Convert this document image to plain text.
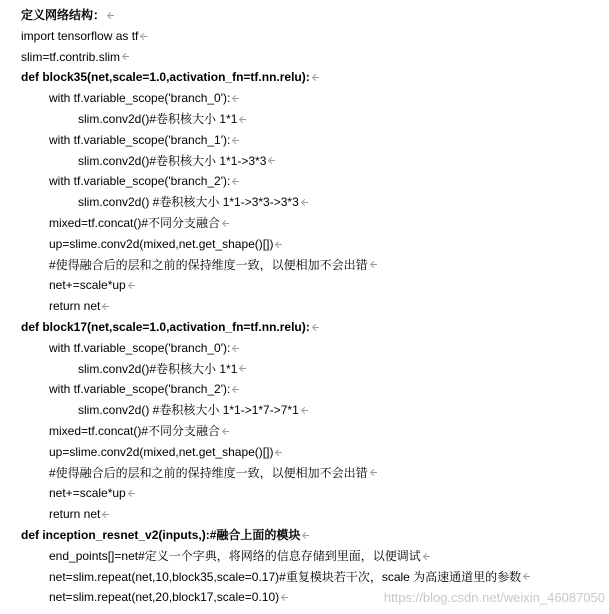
定义网络结构：
import tensorflow as tf
slim=tf.contrib.slim
def block35(net,scale=1.0,activation_fn=tf.nn.relu):
with tf.variable_scope('branch_0'):
slim.conv2d()#卷积核大小 1*1
with tf.variable_scope('branch_1'):
slim.conv2d()#卷积核大小 1*1->3*3
with tf.variable_scope('branch_2'):
slim.conv2d() #卷积核大小 1*1->3*3->3*3
mixed=tf.concat()#不同分支融合
up=slime.conv2d(mixed,net.get_shape()[])
#使得融合后的层和之前的保持维度一致，以便相加不会出错
net+=scale*up
return net
def block17(net,scale=1.0,activation_fn=tf.nn.relu):
with tf.variable_scope('branch_0'):
slim.conv2d()#卷积核大小 1*1
with tf.variable_scope('branch_2'):
slim.conv2d() #卷积核大小 1*1->1*7->7*1
mixed=tf.concat()#不同分支融合
up=slime.conv2d(mixed,net.get_shape()[])
#使得融合后的层和之前的保持维度一致，以便相加不会出错
net+=scale*up
return net
def inception_resnet_v2(inputs,):#融合上面的模块
end_points[]=net#定义一个字典，将网络的信息存储到里面，以便调试
net=slim.repeat(net,10,block35,scale=0.17)#重复模块若干次，scale 为高速通道里的参数
net=slim.repeat(net,20,block17,scale=0.10)	https://blog.csdn.net/weixin_46087050
